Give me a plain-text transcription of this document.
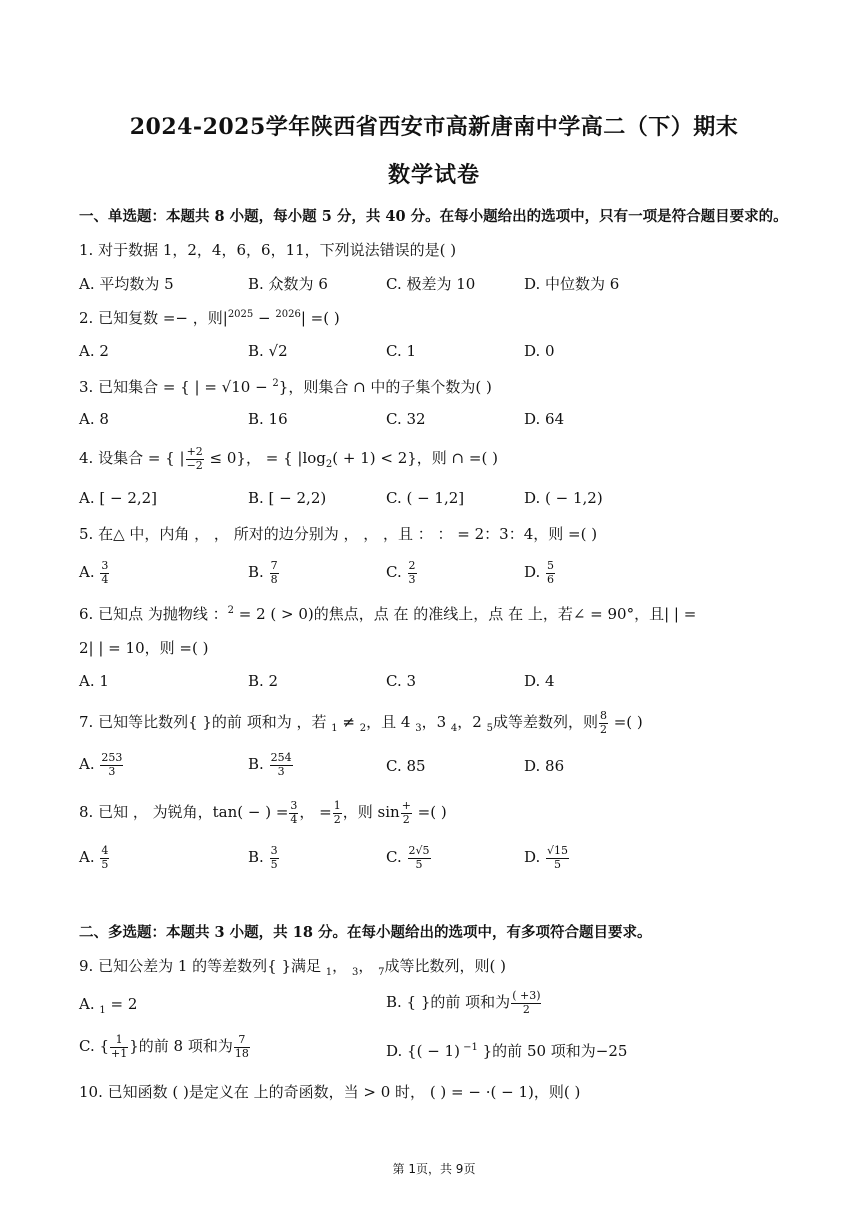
2024-2025学年陕西省西安市高新唐南中学高二（下）期末
数学试卷
一、单选题：本题共 8 小题，每小题 5 分，共 40 分。在每小题给出的选项中，只有一项是符合题目要求的。
1. 对于数据 1，2，4，6，6，11，下列说法错误的是( )
A. 平均数为 5	B. 众数为 6	C. 极差为 10	D. 中位数为 6
2. 已知复数 =− ，则$|^{2025} - ^{2026}|$ =( )
A. 2	B. √2	C. 1	D. 0
3. 已知集合 = { | = √10 − $^2$}，则集合 ∩ 中的子集个数为( )
A. 8	B. 16	C. 32	D. 64
4. 设集合 = { | $\frac{+2}{-2} \le 0$}， = { $|\log_2( + 1) < 2$}，则 ∩ =( )
A. [ − 2,2]	B. [ − 2,2)	C. ( − 1,2]	D. ( − 1,2)
5. 在△ 中，内角 ， ， 所对的边分别为 ， ， ，且 ： ： = 2：3：4，则 =( )
A. $\frac{3}{4}$	B. $\frac{7}{8}$	C. $\frac{2}{3}$	D. $\frac{5}{6}$
6. 已知点 为抛物线 ：$^2$ = 2 ( > 0)的焦点，点 在 的准线上，点 在 上，若∠ = 90°，且| | =
2| | = 10，则 =( )
A. 1	B. 2	C. 3	D. 4
7. 已知等比数列{ }的前 项和为 ，若 $_1$ ≠ $_2$，且 4 $_3$，3 $_4$，2 $_5$成等差数列，则 $\frac{8}{2}$ =( )
A. $\frac{253}{3}$	B. $\frac{254}{3}$	C. 85	D. 86
8. 已知 ， 为锐角，tan( − ) = $\frac{3}{4}$ ， = $\frac{1}{2}$ ，则 $\sin \frac{+}{2}$ =( )
A. $\frac{4}{5}$	B. $\frac{3}{5}$	C. $\frac{2√5}{5}$	D. $\frac{√15}{5}$
二、多选题：本题共 3 小题，共 18 分。在每小题给出的选项中，有多项符合题目要求。
9. 已知公差为 1 的等差数列{ }满足 $_1$， $_3$， $_7$成等比数列，则( )
A. $_1$ = 2	B. { }的前 项和为 $\frac{( +3)}{2}$
C. { $\frac{1}{+1}$ }的前 8 项和为 $\frac{7}{18}$	D. {( − 1) $^{-1}$ }的前 50 项和为−25
10. 已知函数 ( )是定义在 上的奇函数，当 > 0 时， ( ) = − ·( − 1)，则( )
第 1页，共 9页
